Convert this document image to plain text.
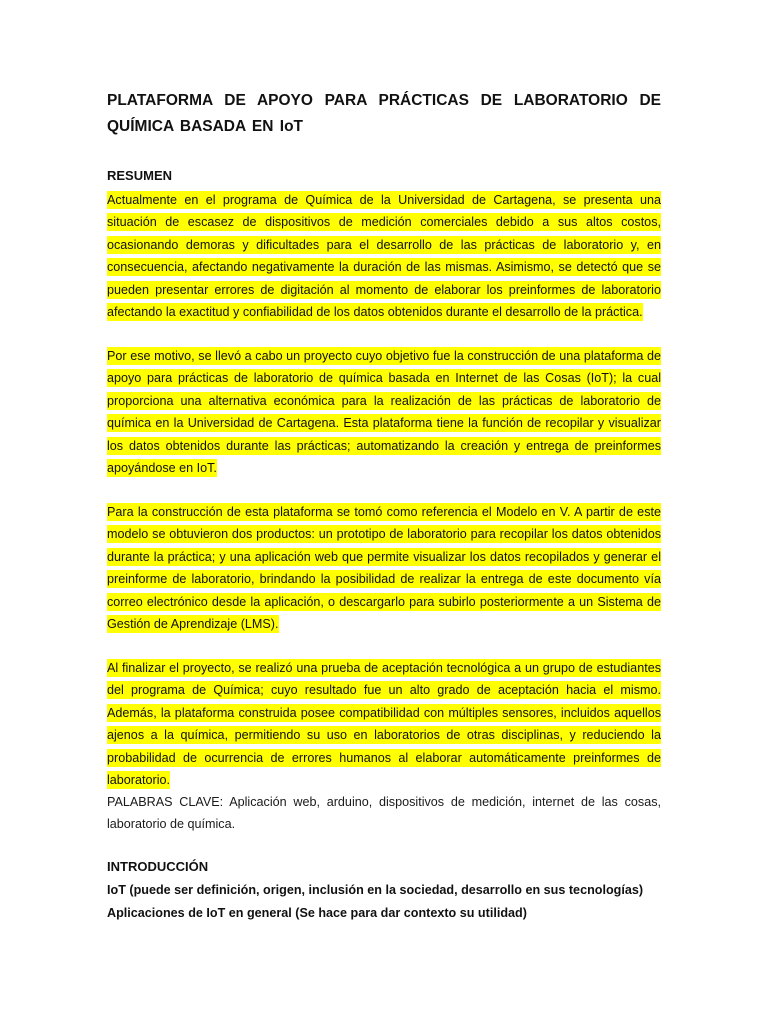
PLATAFORMA DE APOYO PARA PRÁCTICAS DE LABORATORIO DE QUÍMICA BASADA EN IoT
RESUMEN

Actualmente en el programa de Química de la Universidad de Cartagena, se presenta una situación de escasez de dispositivos de medición comerciales debido a sus altos costos, ocasionando demoras y dificultades para el desarrollo de las prácticas de laboratorio y, en consecuencia, afectando negativamente la duración de las mismas. Asimismo, se detectó que se pueden presentar errores de digitación al momento de elaborar los preinformes de laboratorio afectando la exactitud y confiabilidad de los datos obtenidos durante el desarrollo de la práctica.

Por ese motivo, se llevó a cabo un proyecto cuyo objetivo fue la construcción de una plataforma de apoyo para prácticas de laboratorio de química basada en Internet de las Cosas (IoT); la cual proporciona una alternativa económica para la realización de las prácticas de laboratorio de química en la Universidad de Cartagena. Esta plataforma tiene la función de recopilar y visualizar los datos obtenidos durante las prácticas; automatizando la creación y entrega de preinformes apoyándose en IoT.

Para la construcción de esta plataforma se tomó como referencia el Modelo en V. A partir de este modelo se obtuvieron dos productos: un prototipo de laboratorio para recopilar los datos obtenidos durante la práctica; y una aplicación web que permite visualizar los datos recopilados y generar el preinforme de laboratorio, brindando la posibilidad de realizar la entrega de este documento vía correo electrónico desde la aplicación, o descargarlo para subirlo posteriormente a un Sistema de Gestión de Aprendizaje (LMS).

Al finalizar el proyecto, se realizó una prueba de aceptación tecnológica a un grupo de estudiantes del programa de Química; cuyo resultado fue un alto grado de aceptación hacia el mismo. Además, la plataforma construida posee compatibilidad con múltiples sensores, incluidos aquellos ajenos a la química, permitiendo su uso en laboratorios de otras disciplinas, y reduciendo la probabilidad de ocurrencia de errores humanos al elaborar automáticamente preinformes de laboratorio.

PALABRAS CLAVE: Aplicación web, arduino, dispositivos de medición, internet de las cosas, laboratorio de química.

INTRODUCCIÓN

IoT (puede ser definición, origen, inclusión en la sociedad, desarrollo en sus tecnologías)

Aplicaciones de IoT en general (Se hace para dar contexto su utilidad)
